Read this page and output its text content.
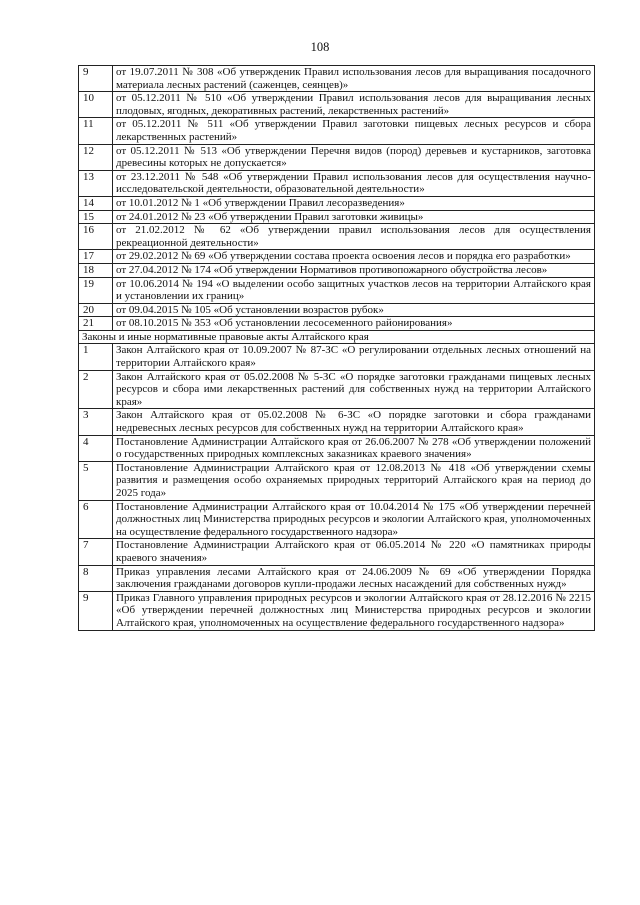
108
9	от 19.07.2011 № 308 «Об утвержденик Правил использования лесов для выращивания посадочного материала лесных растений (саженцев, сеянцев)»
10	от 05.12.2011 № 510 «Об утверждении Правил использования лесов для выращивания лесных плодовых, ягодных, декоративных растений, лекарственных растений»
11	от 05.12.2011 № 511 «Об утверждении Правил заготовки пищевых лесных ресурсов и сбора лекарственных растений»
12	от 05.12.2011 № 513 «Об утверждении Перечня видов (пород) деревьев и кустарников, заготовка древесины которых не допускается»
13	от 23.12.2011 № 548 «Об утверждении Правил использования лесов для осуществления научно-исследовательской деятельности, образовательной деятельности»
14	от 10.01.2012 № 1 «Об утверждении Правил лесоразведения»
15	от 24.01.2012 № 23 «Об утверждении Правил заготовки живицы»
16	от 21.02.2012 № 62 «Об утверждении правил использования лесов для осуществления рекреационной деятельности»
17	от 29.02.2012 № 69 «Об утверждении состава проекта освоения лесов и порядка его разработки»
18	от 27.04.2012 № 174 «Об утверждении Нормативов противопожарного обустройства лесов»
19	от 10.06.2014 № 194 «О выделении особо защитных участков лесов на территории Алтайского края и установлении их границ»
20	от 09.04.2015 № 105 «Об установлении возрастов рубок»
21	от 08.10.2015 № 353 «Об установлении лесосеменного районирования»
Законы и иные нормативные правовые акты Алтайского края	
1	Закон Алтайского края от 10.09.2007 № 87-ЗС «О регулировании отдельных лесных отношений на территории Алтайского края»
2	Закон Алтайского края от 05.02.2008 № 5-ЗС «О порядке заготовки гражданами пищевых лесных ресурсов и сбора ими лекарственных растений для собственных нужд на территории Алтайского края»
3	Закон Алтайского края от 05.02.2008 № 6-ЗС «О порядке заготовки и сбора гражданами недревесных лесных ресурсов для собственных нужд на территории Алтайского края»
4	Постановление Администрации Алтайского края от 26.06.2007 № 278 «Об утверждении положений о государственных природных комплексных заказниках краевого значения»
5	Постановление Администрации Алтайского края от 12.08.2013 № 418 «Об утверждении схемы развития и размещения особо охраняемых природных территорий Алтайского края на период до 2025 года»
6	Постановление Администрации Алтайского края от 10.04.2014 № 175 «Об утверждении перечней должностных лиц Министерства природных ресурсов и экологии Алтайского края, уполномоченных на осуществление федерального государственного надзора»
7	Постановление Администрации Алтайского края от 06.05.2014 № 220 «О памятниках природы краевого значения»
8	Приказ управления лесами Алтайского края от 24.06.2009 № 69 «Об утверждении Порядка заключения гражданами договоров купли-продажи лесных насаждений для собственных нужд»
9	Приказ Главного управления природных ресурсов и экологии Алтайского края от 28.12.2016 № 2215 «Об утверждении перечней должностных лиц Министерства природных ресурсов и экологии Алтайского края, уполномоченных на осуществление федерального государственного надзора»
